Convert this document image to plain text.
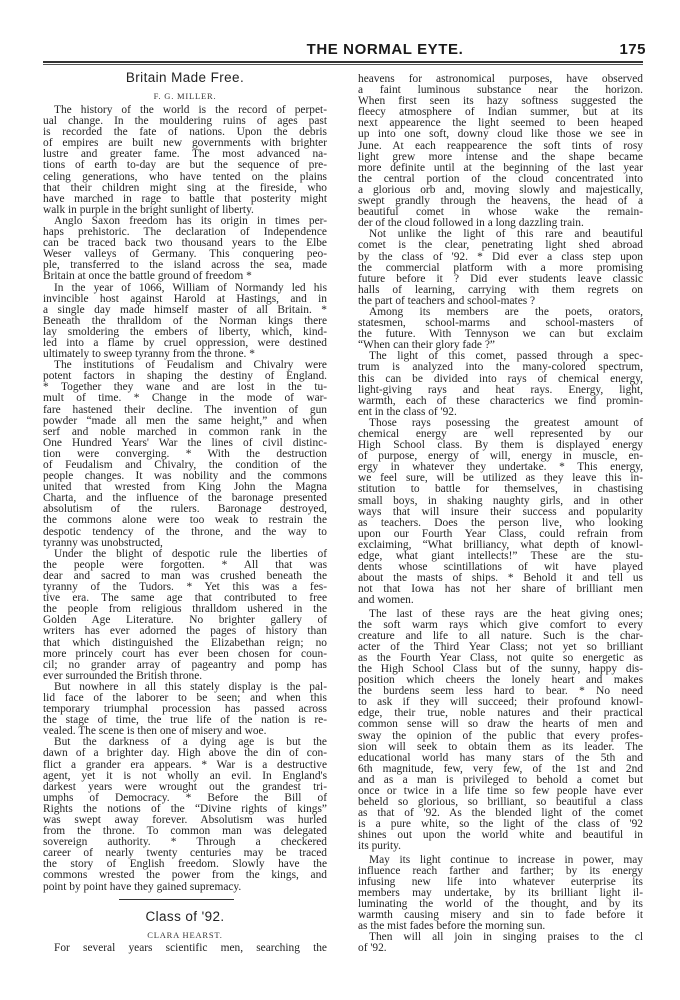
THE NORMAL EYTE.	175
Britain Made Free.
F. G. MILLER.
The history of the world is the record of perpet-
ual change. In the mouldering ruins of ages past
is recorded the fate of nations. Upon the debris
of empires are built new governments with brighter
lustre and greater fame. The most advanced na-
tions of earth to-day are but the sequence of pre-
celing generations, who have tented on the plains
that their children might sing at the fireside, who
have marched in rage to battle that posterity might
walk in purple in the bright sunlight of liberty.
Anglo Saxon freedom has its origin in times per-
haps prehistoric. The declaration of Independence
can be traced back two thousand years to the Elbe
Weser valleys of Germany. This conquering peo-
ple, transferred to the island across the sea, made
Britain at once the battle ground of freedom *
In the year of 1066, William of Normandy led his
invincible host against Harold at Hastings, and in
a single day made himself master of all Britain. *
Beneath the thralldom of the Norman kings there
lay smoldering the embers of liberty, which, kind-
led into a flame by cruel oppression, were destined
ultimately to sweep tyranny from the throne. *
The institutions of Feudalism and Chivalry were
potent factors in shaping the destiny of England.
* Together they wane and are lost in the tu-
mult of time. * Change in the mode of war-
fare hastened their decline. The invention of gun
powder “made all men the same height,” and when
serf and noble marched in common rank in the
One Hundred Years' War the lines of civil distinc-
tion were converging. * With the destruction
of Feudalism and Chivalry, the condition of the
people changes. It was nobility and the commons
united that wrested from King John the Magna
Charta, and the influence of the baronage presented
absolutism of the rulers. Baronage destroyed,
the commons alone were too weak to restrain the
despotic tendency of the throne, and the way to
tyranny was unobstructed,
Under the blight of despotic rule the liberties of
the people were forgotten. * All that was
dear and sacred to man was crushed beneath the
tyranny of the Tudors. * Yet this was a fes-
tive era. The same age that contributed to free
the people from religious thralldom ushered in the
Golden Age Literature. No brighter gallery of
writers has ever adorned the pages of history than
that which distinguished the Elizabethan reign; no
more princely court has ever been chosen for coun-
cil; no grander array of pageantry and pomp has
ever surrounded the British throne.
But nowhere in all this stately display is the pal-
lid face of the laborer to be seen; and when this
temporary triumphal procession has passed across
the stage of time, the true life of the nation is re-
vealed. The scene is then one of misery and woe.
But the darkness of a dying age is but the
dawn of a brighter day. High above the din of con-
flict a grander era appears. * War is a destructive
agent, yet it is not wholly an evil. In England's
darkest years were wrought out the grandest tri-
umphs of Democracy. * Before the Bill of
Rights the notions of the “Divine rights of kings”
was swept away forever. Absolutism was hurled
from the throne. To common man was delegated
sovereign authority. * Through a checkered
career of nearly twenty centuries may be traced
the story of English freedom. Slowly have the
commons wrested the power from the kings, and
point by point have they gained supremacy.
Class of '92.
CLARA HEARST.
For several years scientific men, searching the
heavens for astronomical purposes, have observed
a faint luminous substance near the horizon.
When first seen its hazy softness suggested the
fleecy atmosphere of Indian summer, but at its
next appearence the light seemed to been heaped
up into one soft, downy cloud like those we see in
June. At each reappearence the soft tints of rosy
light grew more intense and the shape became
more definite until at the beginning of the last year
the central portion of the cloud concentrated into
a glorious orb and, moving slowly and majestically,
swept grandly through the heavens, the head of a
beautiful comet in whose wake the remain-
der of the cloud followed in a long dazzling train.
Not unlike the light of this rare and beautiful
comet is the clear, penetrating light shed abroad
by the class of '92. * Did ever a class step upon
the commercial platform with a more promising
future before it ? Did ever students leave classic
halls of learning, carrying with them regrets on
the part of teachers and school-mates ?
Among its members are the poets, orators,
statesmen, school-marms and school-masters of
the future. With Tennyson we can but exclaim
“When can their glory fade ?”
The light of this comet, passed through a spec-
trum is analyzed into the many-colored spectrum,
this can be divided into rays of chemical energy,
light-giving rays and heat rays. Energy, light,
warmth, each of these characterics we find promin-
ent in the class of '92.
Those rays posessing the greatest amount of
chemical energy are well represented by our
High School class. By them is displayed energy
of purpose, energy of will, energy in muscle, en-
ergy in whatever they undertake. * This energy,
we feel sure, will be utilized as they leave this in-
stitution to battle for themselves, in chastising
small boys, in shaking naughty girls, and in other
ways that will insure their success and popularity
as teachers. Does the person live, who looking
upon our Fourth Year Class, could refrain from
exclaiming, “What brilliancy, what depth of knowl-
edge, what giant intellects!” These are the stu-
dents whose scintillations of wit have played
about the masts of ships. * Behold it and tell us
not that Iowa has not her share of brilliant men
and women.
The last of these rays are the heat giving ones;
the soft warm rays which give comfort to every
creature and life to all nature. Such is the char-
acter of the Third Year Class; not yet so brilliant
as the Fourth Year Class, not quite so energetic as
the High School Class but of the sunny, happy dis-
position which cheers the lonely heart and makes
the burdens seem less hard to bear. * No need
to ask if they will succeed; their profound knowl-
edge, their true, noble natures and their practical
common sense will so draw the hearts of men and
sway the opinion of the public that every profes-
sion will seek to obtain them as its leader. The
educational world has many stars of the 5th and
6th magnitude, few, very few, of the 1st and 2nd
and as a man is privileged to behold a comet but
once or twice in a life time so few people have ever
beheld so glorious, so brilliant, so beautiful a class
as that of '92. As the blended light of the comet
is a pure white, so the light of the class of '92
shines out upon the world white and beautiful in
its purity.
May its light continue to increase in power, may
influence reach farther and farther; by its energy
infusing new life into whatever euterprise its
members may undertake, by its brilliant light il-
luminating the world of the thought, and by its
warmth causing misery and sin to fade before it
as the mist fades before the morning sun.
Then will all join in singing praises to the cl
of '92.
